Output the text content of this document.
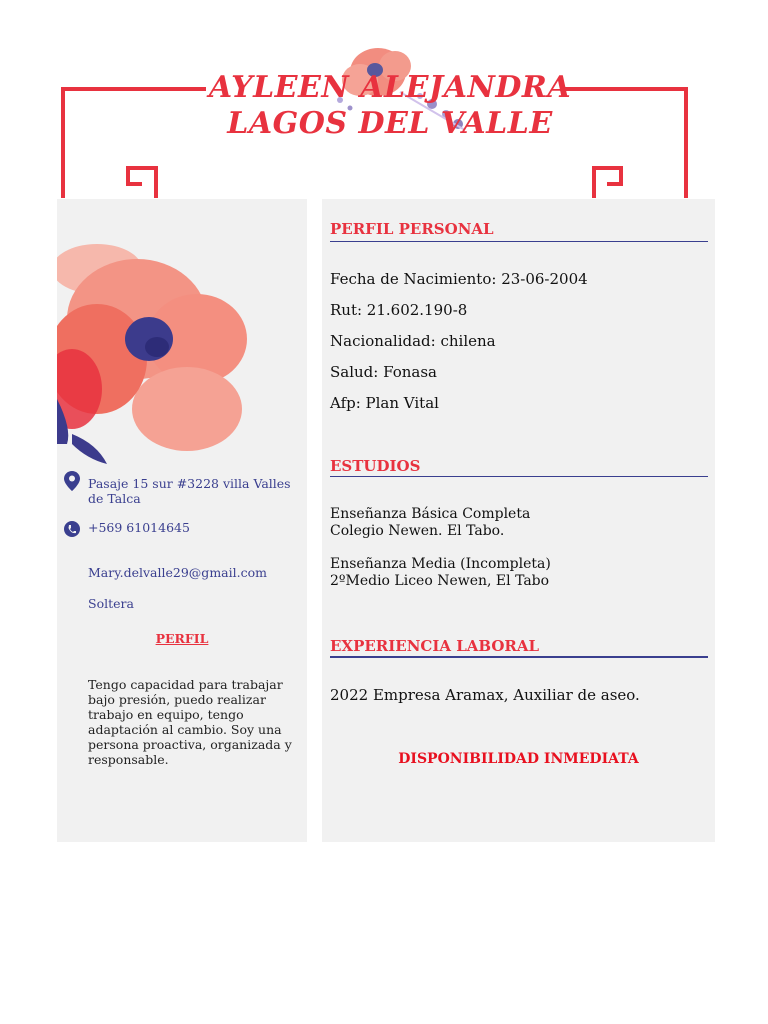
AYLEEN ALEJANDRA
LAGOS DEL VALLE
Pasaje 15 sur #3228 villa Valles de Talca
+569 61014645
Mary.delvalle29@gmail.com
Soltera
PERFIL
Tengo capacidad para trabajar bajo presión, puedo realizar trabajo en equipo, tengo adaptación al cambio. Soy una persona proactiva, organizada y responsable.
PERFIL PERSONAL
Fecha de Nacimiento: 23-06-2004
Rut: 21.602.190-8
Nacionalidad: chilena
Salud: Fonasa
Afp: Plan Vital
ESTUDIOS
Enseñanza Básica Completa
Colegio Newen. El Tabo.
Enseñanza Media (Incompleta)
2ºMedio Liceo Newen, El Tabo
EXPERIENCIA LABORAL
2022 Empresa Aramax, Auxiliar de aseo.
DISPONIBILIDAD INMEDIATA
